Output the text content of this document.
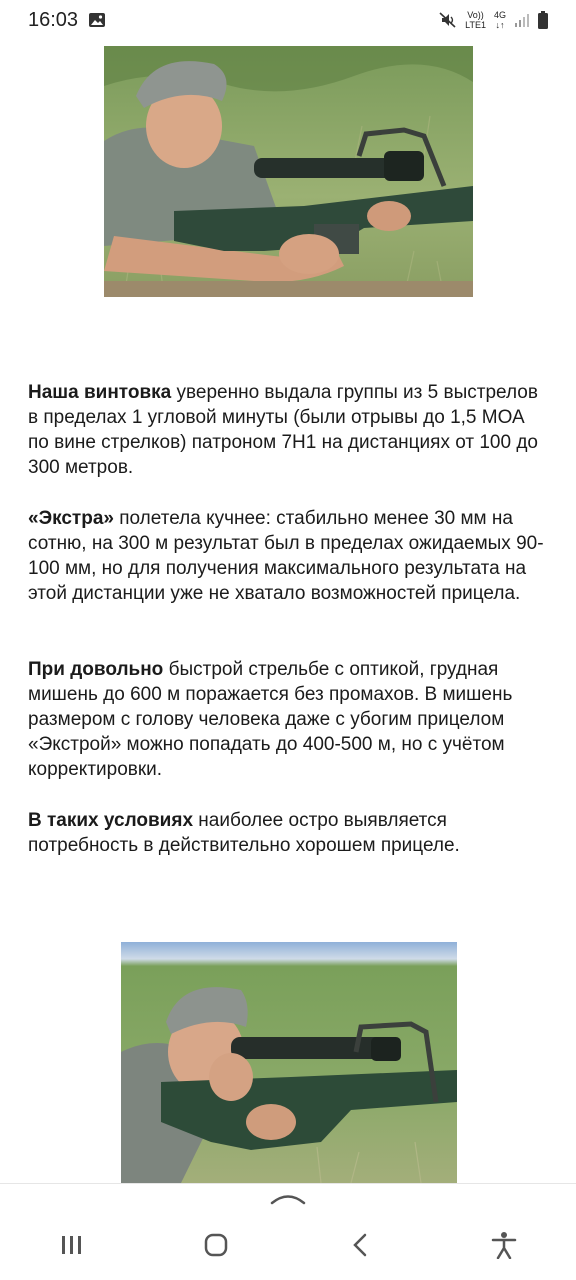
16:03	Vo))
LTE1
4G
↓↑

Наша винтовка уверенно выдала группы из 5 выстрелов в пределах 1 угловой минуты (были отрывы до 1,5 МОА по вине стрелков) патроном 7Н1 на дистанциях от 100 до 300 метров.

«Экстра» полетела кучнее: стабильно менее 30 мм на сотню, на 300 м результат был в пределах ожидаемых 90-100 мм, но для получения максимального результата на этой дистанции уже не хватало возможностей прицела.

При довольно быстрой стрельбе с оптикой, грудная мишень до 600 м поражается без промахов. В мишень размером с голову человека даже с убогим прицелом «Экстрой» можно попадать до 400-500 м, но с учётом корректировки.

В таких условиях наиболее остро выявляется потребность в действительно хорошем прицеле.
